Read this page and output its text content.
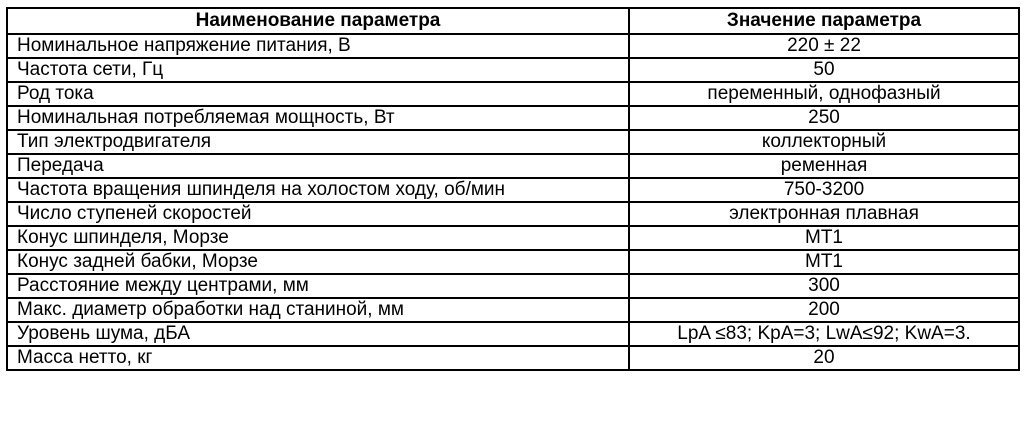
Наименование параметра	Значение параметра
Номинальное напряжение питания, В	220 ± 22
Частота сети, Гц	50
Род тока	переменный, однофазный
Номинальная потребляемая мощность, Вт	250
Тип электродвигателя	коллекторный
Передача	ременная
Частота вращения шпинделя на холостом ходу, об/мин	750-3200
Число ступеней скоростей	электронная плавная
Конус шпинделя, Морзе	МТ1
Конус задней бабки, Морзе	МТ1
Расстояние между центрами, мм	300
Макс. диаметр обработки над станиной, мм	200
Уровень шума, дБА	LpA ≤83; KpA=3; LwA≤92; KwA=3.
Масса нетто, кг	20
